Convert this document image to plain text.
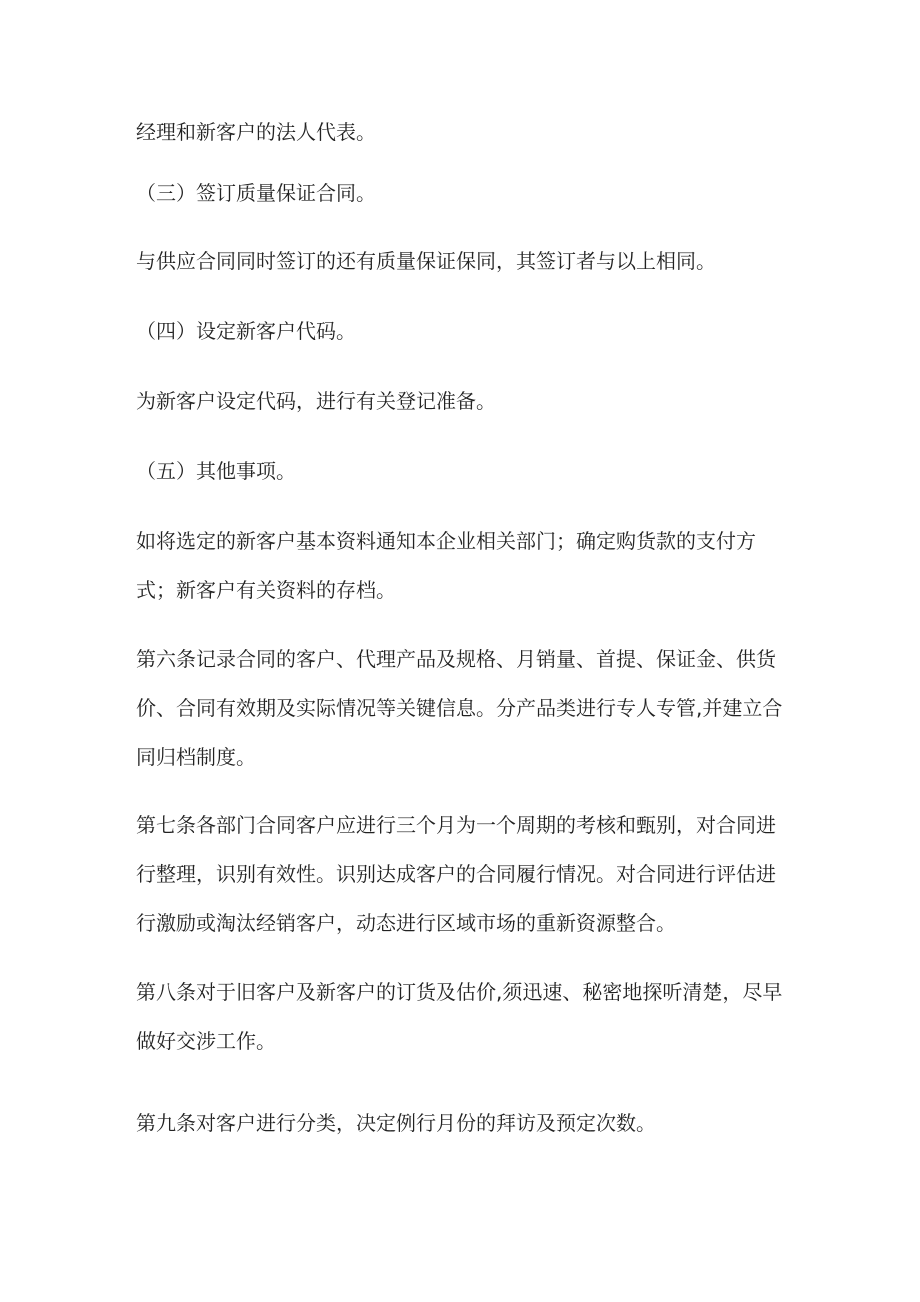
经理和新客户的法人代表。
（三）签订质量保证合同。
与供应合同同时签订的还有质量保证保同，其签订者与以上相同。
（四）设定新客户代码。
为新客户设定代码，进行有关登记准备。
（五）其他事项。
如将选定的新客户基本资料通知本企业相关部门；确定购货款的支付方
式；新客户有关资料的存档。
第六条记录合同的客户、代理产品及规格、月销量、首提、保证金、供货
价、合同有效期及实际情况等关键信息。分产品类进行专人专管,并建立合
同归档制度。
第七条各部门合同客户应进行三个月为一个周期的考核和甄别，对合同进
行整理，识别有效性。识别达成客户的合同履行情况。对合同进行评估进
行激励或淘汰经销客户，动态进行区域市场的重新资源整合。
第八条对于旧客户及新客户的订货及估价,须迅速、秘密地探听清楚，尽早
做好交涉工作。
第九条对客户进行分类，决定例行月份的拜访及预定次数。
